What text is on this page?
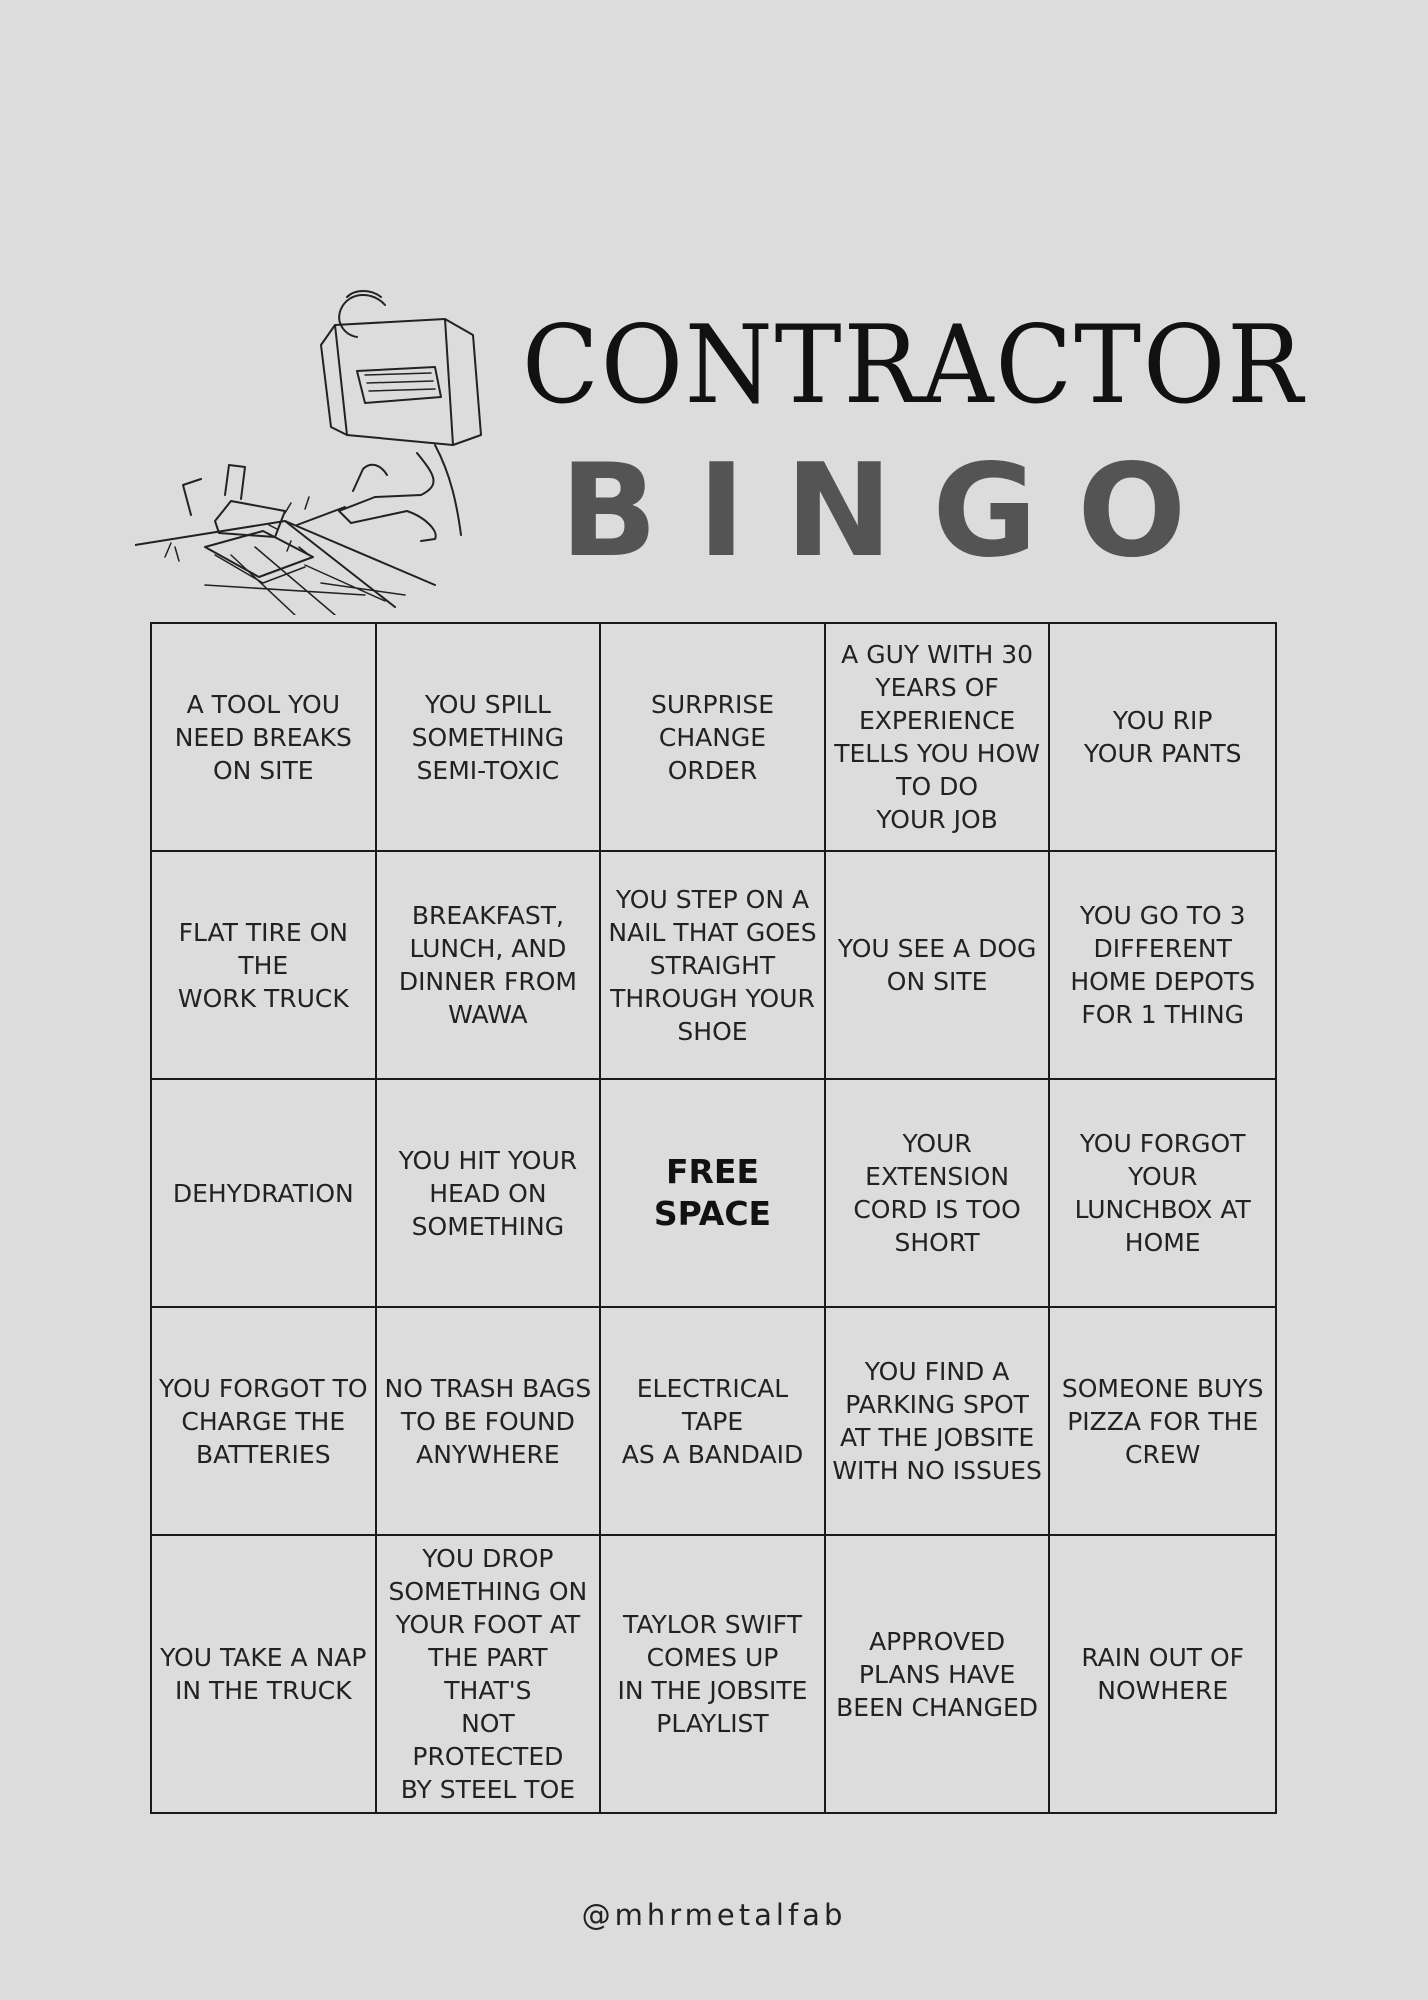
CONTRACTOR
BINGO
A TOOL YOU
NEED BREAKS
ON SITE
YOU SPILL
SOMETHING
SEMI-TOXIC
SURPRISE
CHANGE
ORDER
A GUY WITH 30
YEARS OF
EXPERIENCE
TELLS YOU HOW
TO DO
YOUR JOB
YOU RIP
YOUR PANTS
FLAT TIRE ON
THE
WORK TRUCK
BREAKFAST,
LUNCH, AND
DINNER FROM
WAWA
YOU STEP ON A
NAIL THAT GOES
STRAIGHT
THROUGH YOUR
SHOE
YOU SEE A DOG
ON SITE
YOU GO TO 3
DIFFERENT
HOME DEPOTS
FOR 1 THING
DEHYDRATION
YOU HIT YOUR
HEAD ON
SOMETHING
FREE
SPACE
YOUR
EXTENSION
CORD IS TOO
SHORT
YOU FORGOT
YOUR
LUNCHBOX AT
HOME
YOU FORGOT TO
CHARGE THE
BATTERIES
NO TRASH BAGS
TO BE FOUND
ANYWHERE
ELECTRICAL TAPE
AS A BANDAID
YOU FIND A
PARKING SPOT
AT THE JOBSITE
WITH NO ISSUES
SOMEONE BUYS
PIZZA FOR THE
CREW
YOU TAKE A NAP
IN THE TRUCK
YOU DROP
SOMETHING ON
YOUR FOOT AT
THE PART THAT'S
NOT PROTECTED
BY STEEL TOE
TAYLOR SWIFT
COMES UP
IN THE JOBSITE
PLAYLIST
APPROVED
PLANS HAVE
BEEN CHANGED
RAIN OUT OF
NOWHERE
@mhrmetalfab
